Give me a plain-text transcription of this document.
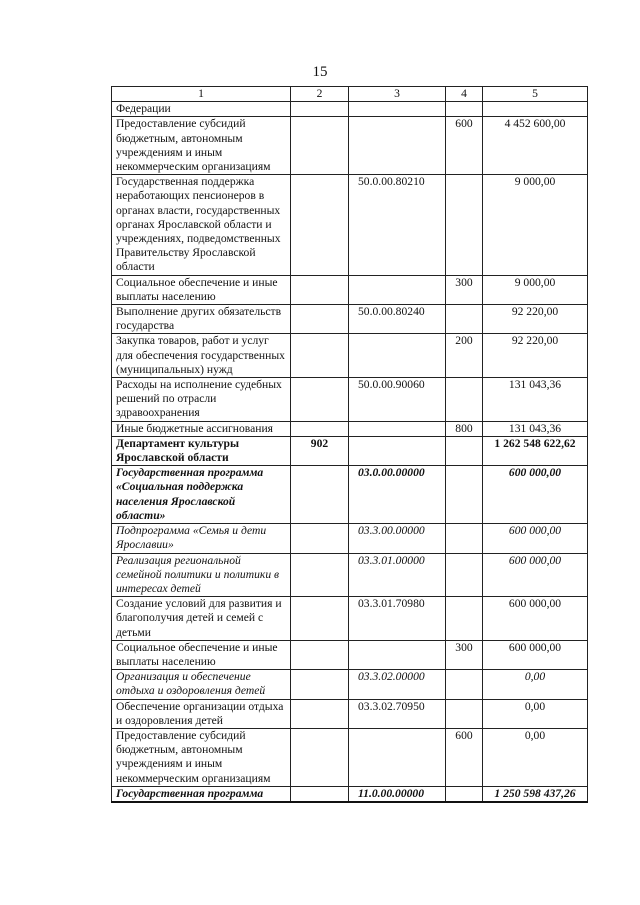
15
1	2	3	4	5
Федерации				
Предоставление субсидий бюджетным, автономным учреждениям и иным некоммерческим организациям			600	4 452 600,00
Государственная поддержка неработающих пенсионеров в органах власти, государственных органах Ярославской области и учреждениях, подведомственных Правительству Ярославской области		50.0.00.80210		9 000,00
Социальное обеспечение и иные выплаты населению			300	9 000,00
Выполнение других обязательств государства		50.0.00.80240		92 220,00
Закупка товаров, работ и услуг для обеспечения государственных (муниципальных) нужд			200	92 220,00
Расходы на исполнение судебных решений по отрасли здравоохранения		50.0.00.90060		131 043,36
Иные бюджетные ассигнования			800	131 043,36
Департамент культуры Ярославской области	902			1 262 548 622,62
Государственная программа «Социальная поддержка населения Ярославской области»		03.0.00.00000		600 000,00
Подпрограмма «Семья и дети Ярославии»		03.3.00.00000		600 000,00
Реализация региональной семейной политики и политики в интересах детей		03.3.01.00000		600 000,00
Создание условий для развития и благополучия детей и семей с детьми		03.3.01.70980		600 000,00
Социальное обеспечение и иные выплаты населению			300	600 000,00
Организация и обеспечение отдыха и оздоровления детей		03.3.02.00000		0,00
Обеспечение организации отдыха и оздоровления детей		03.3.02.70950		0,00
Предоставление субсидий бюджетным, автономным учреждениям и иным некоммерческим организациям			600	0,00
Государственная программа		11.0.00.00000		1 250 598 437,26
